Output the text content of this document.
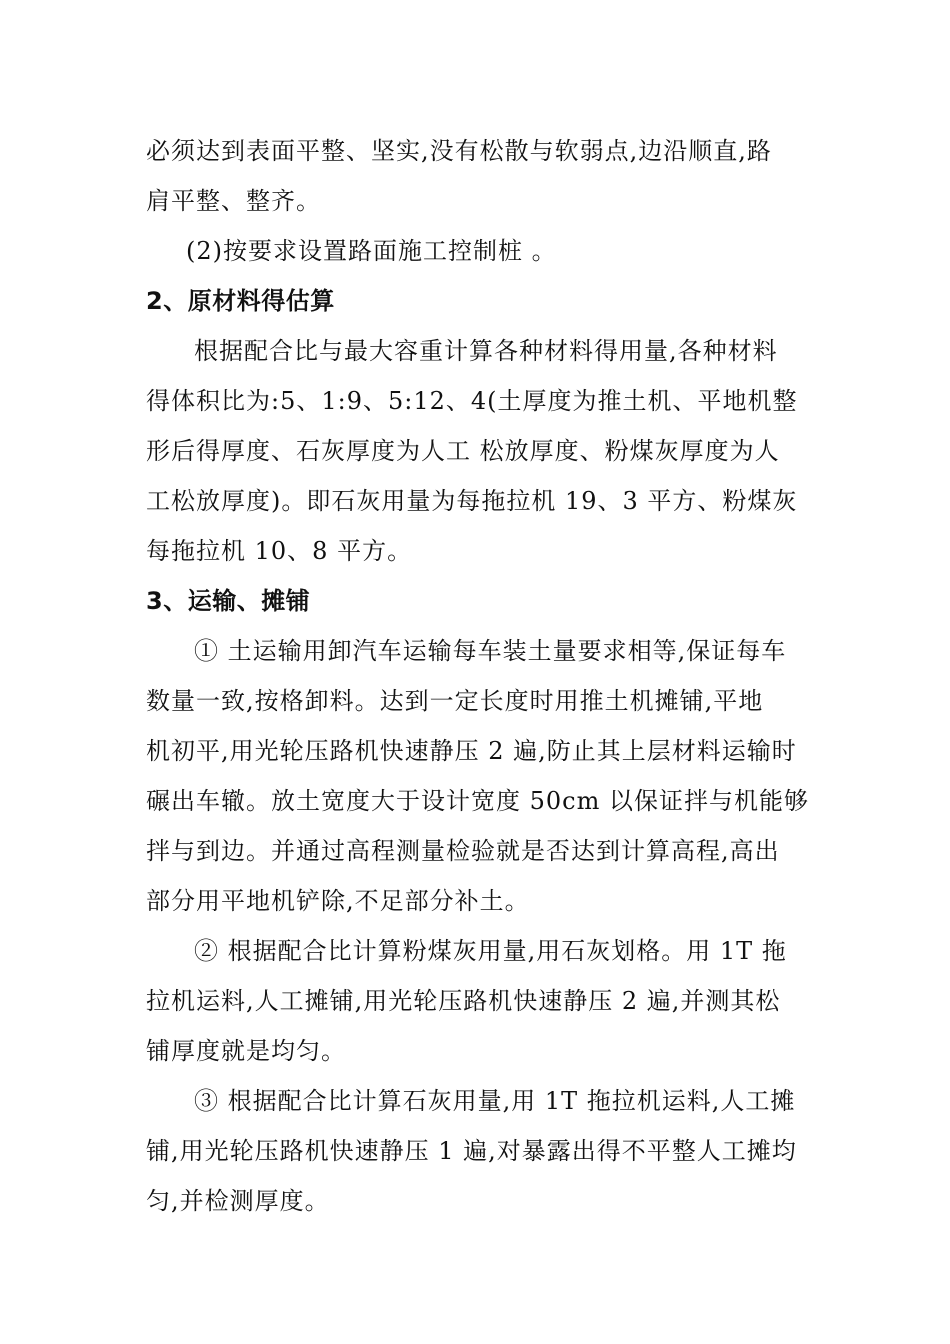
必须达到表面平整、坚实,没有松散与软弱点,边沿顺直,路
肩平整、整齐。
(2)按要求设置路面施工控制桩 。
2、原材料得估算
根据配合比与最大容重计算各种材料得用量,各种材料
得体积比为:5、1:9、5:12、4(土厚度为推土机、平地机整
形后得厚度、石灰厚度为人工 松放厚度、粉煤灰厚度为人
工松放厚度)。即石灰用量为每拖拉机 19、3 平方、粉煤灰
每拖拉机 10、8 平方。
3、运输、摊铺
① 土运输用卸汽车运输每车装土量要求相等,保证每车
数量一致,按格卸料。达到一定长度时用推土机摊铺,平地
机初平,用光轮压路机快速静压 2 遍,防止其上层材料运输时
碾出车辙。放土宽度大于设计宽度 50cm 以保证拌与机能够
拌与到边。并通过高程测量检验就是否达到计算高程,高出
部分用平地机铲除,不足部分补土。
② 根据配合比计算粉煤灰用量,用石灰划格。用 1T 拖
拉机运料,人工摊铺,用光轮压路机快速静压 2 遍,并测其松
铺厚度就是均匀。
③ 根据配合比计算石灰用量,用 1T 拖拉机运料,人工摊
铺,用光轮压路机快速静压 1 遍,对暴露出得不平整人工摊均
匀,并检测厚度。
